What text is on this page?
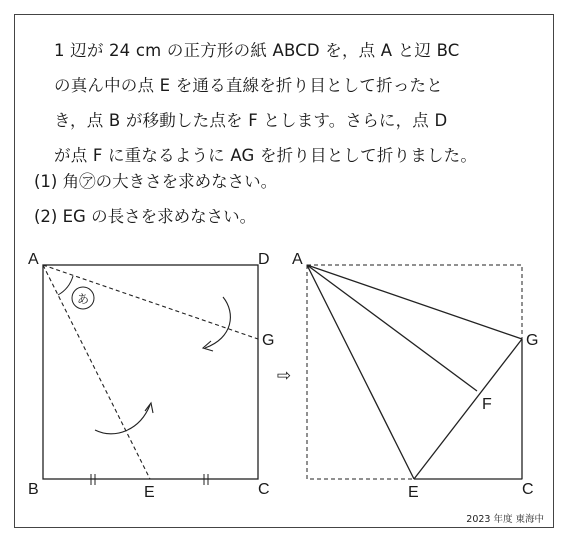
1 辺が 24 cm の正方形の紙 ABCD を，点 A と辺 BC
の真ん中の点 E を通る直線を折り目として折ったと
き，点 B が移動した点を F とします。さらに，点 D
が点 F に重なるように AG を折り目として折りました。
(1) 角㋐の大きさを求めなさい。
(2) EG の長さを求めなさい。
あ
A	D
G
B	E	C
⇨
A
G
F
E	C
2023 年度 東海中
